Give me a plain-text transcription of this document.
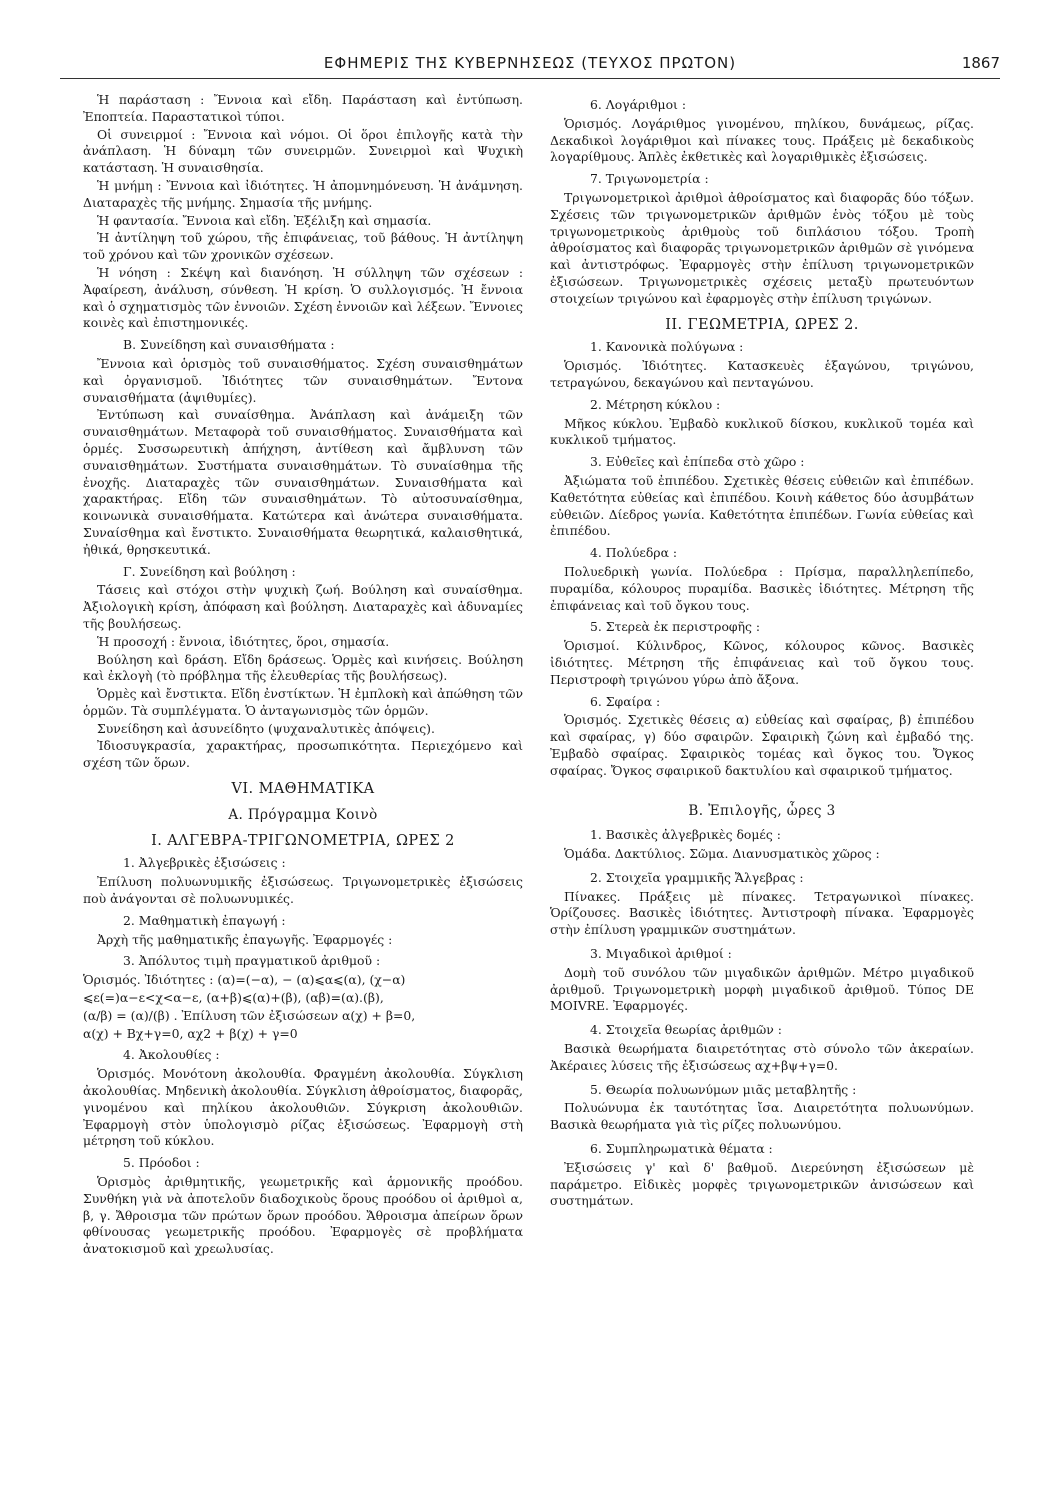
ΕΦΗΜΕΡΙΣ ΤΗΣ ΚΥΒΕΡΝΗΣΕΩΣ (ΤΕΥΧΟΣ ΠΡΩΤΟΝ)	1867

Ἡ παράσταση : Ἔννοια καὶ εἴδη. Παράσταση καὶ ἐντύπωση. Ἐποπτεία. Παραστατικοὶ τύποι.

Οἱ συνειρμοί : Ἔννοια καὶ νόμοι. Οἱ ὅροι ἐπιλογῆς κατὰ τὴν ἀνάπλαση. Ἡ δύναμη τῶν συνειρμῶν. Συνειρμοὶ καὶ Ψυχικὴ κατάσταση. Ἡ συναισθησία.

Ἡ μνήμη : Ἔννοια καὶ ἰδιότητες. Ἡ ἀπομνημόνευση. Ἡ ἀνάμνηση. Διαταραχὲς τῆς μνήμης. Σημασία τῆς μνήμης.

Ἡ φαντασία. Ἔννοια καὶ εἴδη. Ἐξέλιξη καὶ σημασία.

Ἡ ἀντίληψη τοῦ χώρου, τῆς ἐπιφάνειας, τοῦ βάθους. Ἡ ἀντίληψη τοῦ χρόνου καὶ τῶν χρονικῶν σχέσεων.

Ἡ νόηση : Σκέψη καὶ διανόηση. Ἡ σύλληψη τῶν σχέσεων : Ἀφαίρεση, ἀνάλυση, σύνθεση. Ἡ κρίση. Ὁ συλλογισμός. Ἡ ἔννοια καὶ ὁ σχηματισμὸς τῶν ἐννοιῶν. Σχέση ἐννοιῶν καὶ λέξεων. Ἔννοιες κοινὲς καὶ ἐπιστημονικές.

Β. Συνείδηση καὶ συναισθήματα :

Ἔννοια καὶ ὁρισμὸς τοῦ συναισθήματος. Σχέση συναισθημάτων καὶ ὀργανισμοῦ. Ἰδιότητες τῶν συναισθημάτων. Ἔντονα συναισθήματα (ἀψιθυμίες).

Ἐντύπωση καὶ συναίσθημα. Ἀνάπλαση καὶ ἀνάμειξη τῶν συναισθημάτων. Μεταφορὰ τοῦ συναισθήματος. Συναισθήματα καὶ ὁρμές. Συσσωρευτικὴ ἀπήχηση, ἀντίθεση καὶ ἄμβλυνση τῶν συναισθημάτων. Συστήματα συναισθημάτων. Τὸ συναίσθημα τῆς ἐνοχῆς. Διαταραχὲς τῶν συναισθημάτων. Συναισθήματα καὶ χαρακτήρας. Εἴδη τῶν συναισθημάτων. Τὸ αὐτοσυναίσθημα, κοινωνικὰ συναισθήματα. Κατώτερα καὶ ἀνώτερα συναισθήματα. Συναίσθημα καὶ ἔνστικτο. Συναισθήματα θεωρητικά, καλαισθητικά, ἠθικά, θρησκευτικά.

Γ. Συνείδηση καὶ βούληση :

Τάσεις καὶ στόχοι στὴν ψυχικὴ ζωή. Βούληση καὶ συναίσθημα. Ἀξιολογικὴ κρίση, ἀπόφαση καὶ βούληση. Διαταραχὲς καὶ ἀδυναμίες τῆς βουλήσεως.

Ἡ προσοχή : ἔννοια, ἰδιότητες, ὅροι, σημασία.

Βούληση καὶ δράση. Εἴδη δράσεως. Ὁρμὲς καὶ κινήσεις. Βούληση καὶ ἐκλογὴ (τὸ πρόβλημα τῆς ἐλευθερίας τῆς βουλήσεως).

Ὁρμὲς καὶ ἔνστικτα. Εἴδη ἐνστίκτων. Ἡ ἐμπλοκὴ καὶ ἀπώθηση τῶν ὁρμῶν. Τὰ συμπλέγματα. Ὁ ἀνταγωνισμὸς τῶν ὁρμῶν.

Συνείδηση καὶ ἀσυνείδητο (ψυχαναλυτικὲς ἀπόψεις).

Ἰδιοσυγκρασία, χαρακτήρας, προσωπικότητα. Περιεχόμενο καὶ σχέση τῶν ὅρων.

VI. ΜΑΘΗΜΑΤΙΚΑ
Α. Πρόγραμμα Κοινὸ
Ι. ΑΛΓΕΒΡΑ-ΤΡΙΓΩΝΟΜΕΤΡΙΑ, ΩΡΕΣ 2
1. Ἀλγεβρικὲς ἐξισώσεις :

Ἐπίλυση πολυωνυμικῆς ἐξισώσεως. Τριγωνομετρικὲς ἐξισώσεις ποὺ ἀνάγονται σὲ πολυωνυμικές.

2. Μαθηματικὴ ἐπαγωγή :

Ἀρχὴ τῆς μαθηματικῆς ἐπαγωγῆς. Ἐφαρμογές :

3. Ἀπόλυτος τιμὴ πραγματικοῦ ἀριθμοῦ :

Ὁρισμός. Ἰδιότητες : (α)=(−α), − (α)⩽α⩽(α), (χ−α)

⩽ε(=)α−ε<χ<α−ε, (α+β)⩽(α)+(β), (αβ)=(α).(β),

(α/β) = (α)/(β) . Ἐπίλυση τῶν ἐξισώσεων α(χ) + β=0,

α(χ) + Βχ+γ=0, αχ2 + β(χ) + γ=0

4. Ἀκολουθίες :

Ὁρισμός. Μονότονη ἀκολουθία. Φραγμένη ἀκολουθία. Σύγκλιση ἀκολουθίας. Μηδενικὴ ἀκολουθία. Σύγκλιση ἀθροίσματος, διαφορᾶς, γινομένου καὶ πηλίκου ἀκολουθιῶν. Σύγκριση ἀκολουθιῶν. Ἐφαρμογὴ στὸν ὑπολογισμὸ ρίζας ἐξισώσεως. Ἐφαρμογὴ στὴ μέτρηση τοῦ κύκλου.

5. Πρόοδοι :

Ὁρισμὸς ἀριθμητικῆς, γεωμετρικῆς καὶ ἁρμονικῆς προόδου. Συνθήκη γιὰ νὰ ἀποτελοῦν διαδοχικοὺς ὅρους προόδου οἱ ἀριθμοὶ α, β, γ. Ἄθροισμα τῶν πρώτων ὅρων προόδου. Ἄθροισμα ἀπείρων ὅρων φθίνουσας γεωμετρικῆς προόδου. Ἐφαρμογὲς σὲ προβλήματα ἀνατοκισμοῦ καὶ χρεωλυσίας.

6. Λογάριθμοι :

Ὁρισμός. Λογάριθμος γινομένου, πηλίκου, δυνάμεως, ρίζας. Δεκαδικοὶ λογάριθμοι καὶ πίνακες τους. Πράξεις μὲ δεκαδικοὺς λογαρίθμους. Ἁπλὲς ἐκθετικὲς καὶ λογαριθμικὲς ἐξισώσεις.

7. Τριγωνομετρία :

Τριγωνομετρικοὶ ἀριθμοὶ ἀθροίσματος καὶ διαφορᾶς δύο τόξων. Σχέσεις τῶν τριγωνομετρικῶν ἀριθμῶν ἑνὸς τόξου μὲ τοὺς τριγωνομετρικοὺς ἀριθμοὺς τοῦ διπλάσιου τόξου. Τροπὴ ἀθροίσματος καὶ διαφορᾶς τριγωνομετρικῶν ἀριθμῶν σὲ γινόμενα καὶ ἀντιστρόφως. Ἐφαρμογὲς στὴν ἐπίλυση τριγωνομετρικῶν ἐξισώσεων. Τριγωνομετρικὲς σχέσεις μεταξὺ πρωτευόντων στοιχείων τριγώνου καὶ ἐφαρμογὲς στὴν ἐπίλυση τριγώνων.

ΙΙ. ΓΕΩΜΕΤΡΙΑ, ΩΡΕΣ 2.
1. Κανονικὰ πολύγωνα :

Ὁρισμός. Ἰδιότητες. Κατασκευὲς ἑξαγώνου, τριγώνου, τετραγώνου, δεκαγώνου καὶ πενταγώνου.

2. Μέτρηση κύκλου :

Μῆκος κύκλου. Ἐμβαδὸ κυκλικοῦ δίσκου, κυκλικοῦ τομέα καὶ κυκλικοῦ τμήματος.

3. Εὐθεῖες καὶ ἐπίπεδα στὸ χῶρο :

Ἀξιώματα τοῦ ἐπιπέδου. Σχετικὲς θέσεις εὐθειῶν καὶ ἐπιπέδων. Καθετότητα εὐθείας καὶ ἐπιπέδου. Κοινὴ κάθετος δύο ἀσυμβάτων εὐθειῶν. Δίεδρος γωνία. Καθετότητα ἐπιπέδων. Γωνία εὐθείας καὶ ἐπιπέδου.

4. Πολύεδρα :

Πολυεδρικὴ γωνία. Πολύεδρα : Πρίσμα, παραλληλεπίπεδο, πυραμίδα, κόλουρος πυραμίδα. Βασικὲς ἰδιότητες. Μέτρηση τῆς ἐπιφάνειας καὶ τοῦ ὄγκου τους.

5. Στερεὰ ἐκ περιστροφῆς :

Ὁρισμοί. Κύλινδρος, Κῶνος, κόλουρος κῶνος. Βασικὲς ἰδιότητες. Μέτρηση τῆς ἐπιφάνειας καὶ τοῦ ὄγκου τους. Περιστροφὴ τριγώνου γύρω ἀπὸ ἄξονα.

6. Σφαίρα :

Ὁρισμός. Σχετικὲς θέσεις α) εὐθείας καὶ σφαίρας, β) ἐπιπέδου καὶ σφαίρας, γ) δύο σφαιρῶν. Σφαιρικὴ ζώνη καὶ ἐμβαδό της. Ἐμβαδὸ σφαίρας. Σφαιρικὸς τομέας καὶ ὄγκος του. Ὄγκος σφαίρας. Ὄγκος σφαιρικοῦ δακτυλίου καὶ σφαιρικοῦ τμήματος.

Β. Ἐπιλογῆς, ὧρες 3
1. Βασικὲς ἀλγεβρικὲς δομές :

Ὁμάδα. Δακτύλιος. Σῶμα. Διανυσματικὸς χῶρος :

2. Στοιχεῖα γραμμικῆς Ἄλγεβρας :

Πίνακες. Πράξεις μὲ πίνακες. Τετραγωνικοὶ πίνακες. Ὁρίζουσες. Βασικὲς ἰδιότητες. Ἀντιστροφὴ πίνακα. Ἐφαρμογὲς στὴν ἐπίλυση γραμμικῶν συστημάτων.

3. Μιγαδικοὶ ἀριθμοί :

Δομὴ τοῦ συνόλου τῶν μιγαδικῶν ἀριθμῶν. Μέτρο μιγαδικοῦ ἀριθμοῦ. Τριγωνομετρικὴ μορφὴ μιγαδικοῦ ἀριθμοῦ. Τύπος DE MOIVRE. Ἐφαρμογές.

4. Στοιχεῖα θεωρίας ἀριθμῶν :

Βασικὰ θεωρήματα διαιρετότητας στὸ σύνολο τῶν ἀκεραίων. Ἀκέραιες λύσεις τῆς ἐξισώσεως αχ+βψ+γ=0.

5. Θεωρία πολυωνύμων μιᾶς μεταβλητῆς :

Πολυώνυμα ἐκ ταυτότητας ἴσα. Διαιρετότητα πολυωνύμων. Βασικὰ θεωρήματα γιὰ τὶς ρίζες πολυωνύμου.

6. Συμπληρωματικὰ θέματα :

Ἐξισώσεις γ' καὶ δ' βαθμοῦ. Διερεύνηση ἐξισώσεων μὲ παράμετρο. Εἰδικὲς μορφὲς τριγωνομετρικῶν ἀνισώσεων καὶ συστημάτων.
